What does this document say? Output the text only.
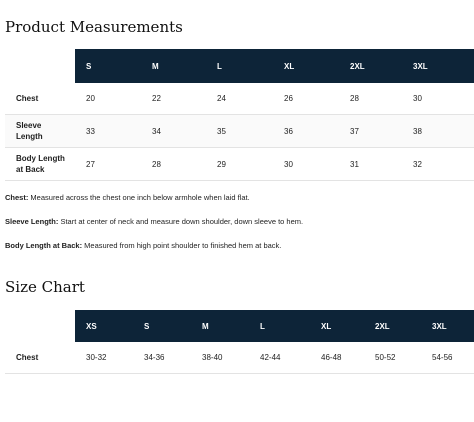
Product Measurements
	S	M	L	XL	2XL	3XL
Chest	20	22	24	26	28	30
Sleeve Length	33	34	35	36	37	38
Body Length at Back	27	28	29	30	31	32

Chest: Measured across the chest one inch below armhole when laid flat.

Sleeve Length: Start at center of neck and measure down shoulder, down sleeve to hem.

Body Length at Back: Measured from high point shoulder to finished hem at back.

Size Chart
	XS	S	M	L	XL	2XL	3XL
Chest	30-32	34-36	38-40	42-44	46-48	50-52	54-56
